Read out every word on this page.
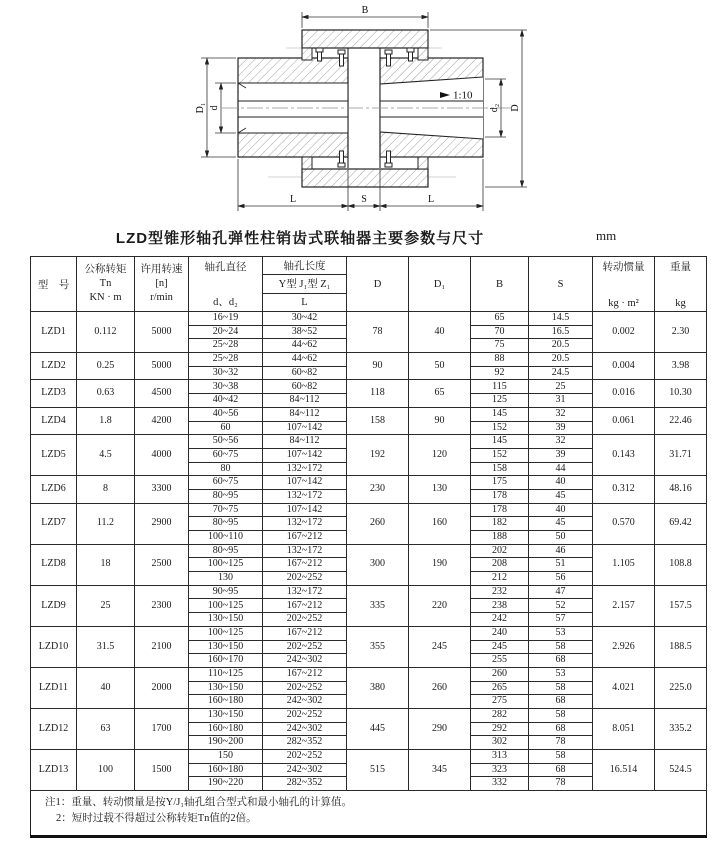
1:10
B
D₁ d	d₂ D
L	S	L
LZD型锥形轴孔弹性柱销齿式联轴器主要参数与尺寸	mm
型　号

公称转矩
Tn
KN · m

许用转速
[n]
r/min

轴孔直径
d、d₂

轴孔长度
Y型 J₁型 Z₁
L

D	D₁	B	S

转动惯量
kg · m²

重量
kg

LZD1	0.112	5000	16~19	30~42	78	40	65	14.5	0.002	2.30
			20~24	38~52			70	16.5		
			25~28	44~62			75	20.5		
LZD2	0.25	5000	25~28	44~62	90	50	88	20.5	0.004	3.98
			30~32	60~82			92	24.5		
LZD3	0.63	4500	30~38	60~82	118	65	115	25	0.016	10.30
			40~42	84~112			125	31		
LZD4	1.8	4200	40~56	84~112	158	90	145	32	0.061	22.46
			60	107~142			152	39		
LZD5	4.5	4000	50~56	84~112	192	120	145	32	0.143	31.71
			60~75	107~142			152	39		
			80	132~172			158	44		
LZD6	8	3300	60~75	107~142	230	130	175	40	0.312	48.16
			80~95	132~172			178	45		
LZD7	11.2	2900	70~75	107~142	260	160	178	40	0.570	69.42
			80~95	132~172			182	45		
			100~110	167~212			188	50		
LZD8	18	2500	80~95	132~172	300	190	202	46	1.105	108.8
			100~125	167~212			208	51		
			130	202~252			212	56		
LZD9	25	2300	90~95	132~172	335	220	232	47	2.157	157.5
			100~125	167~212			238	52		
			130~150	202~252			242	57		
LZD10	31.5	2100	100~125	167~212	355	245	240	53	2.926	188.5
			130~150	202~252			245	58		
			160~170	242~302			255	68		
LZD11	40	2000	110~125	167~212	380	260	260	53	4.021	225.0
			130~150	202~252			265	58		
			160~180	242~302			275	68		
LZD12	63	1700	130~150	202~252	445	290	282	58	8.051	335.2
			160~180	242~302			292	68		
			190~200	282~352			302	78		
LZD13	100	1500	150	202~252	515	345	313	58	16.514	524.5
			160~180	242~302			323	68		
			190~220	282~352			332	78		

注1：重量、转动惯量是按Y/J₁轴孔组合型式和最小轴孔的计算值。
2：短时过载不得超过公称转矩Tn值的2倍。										
